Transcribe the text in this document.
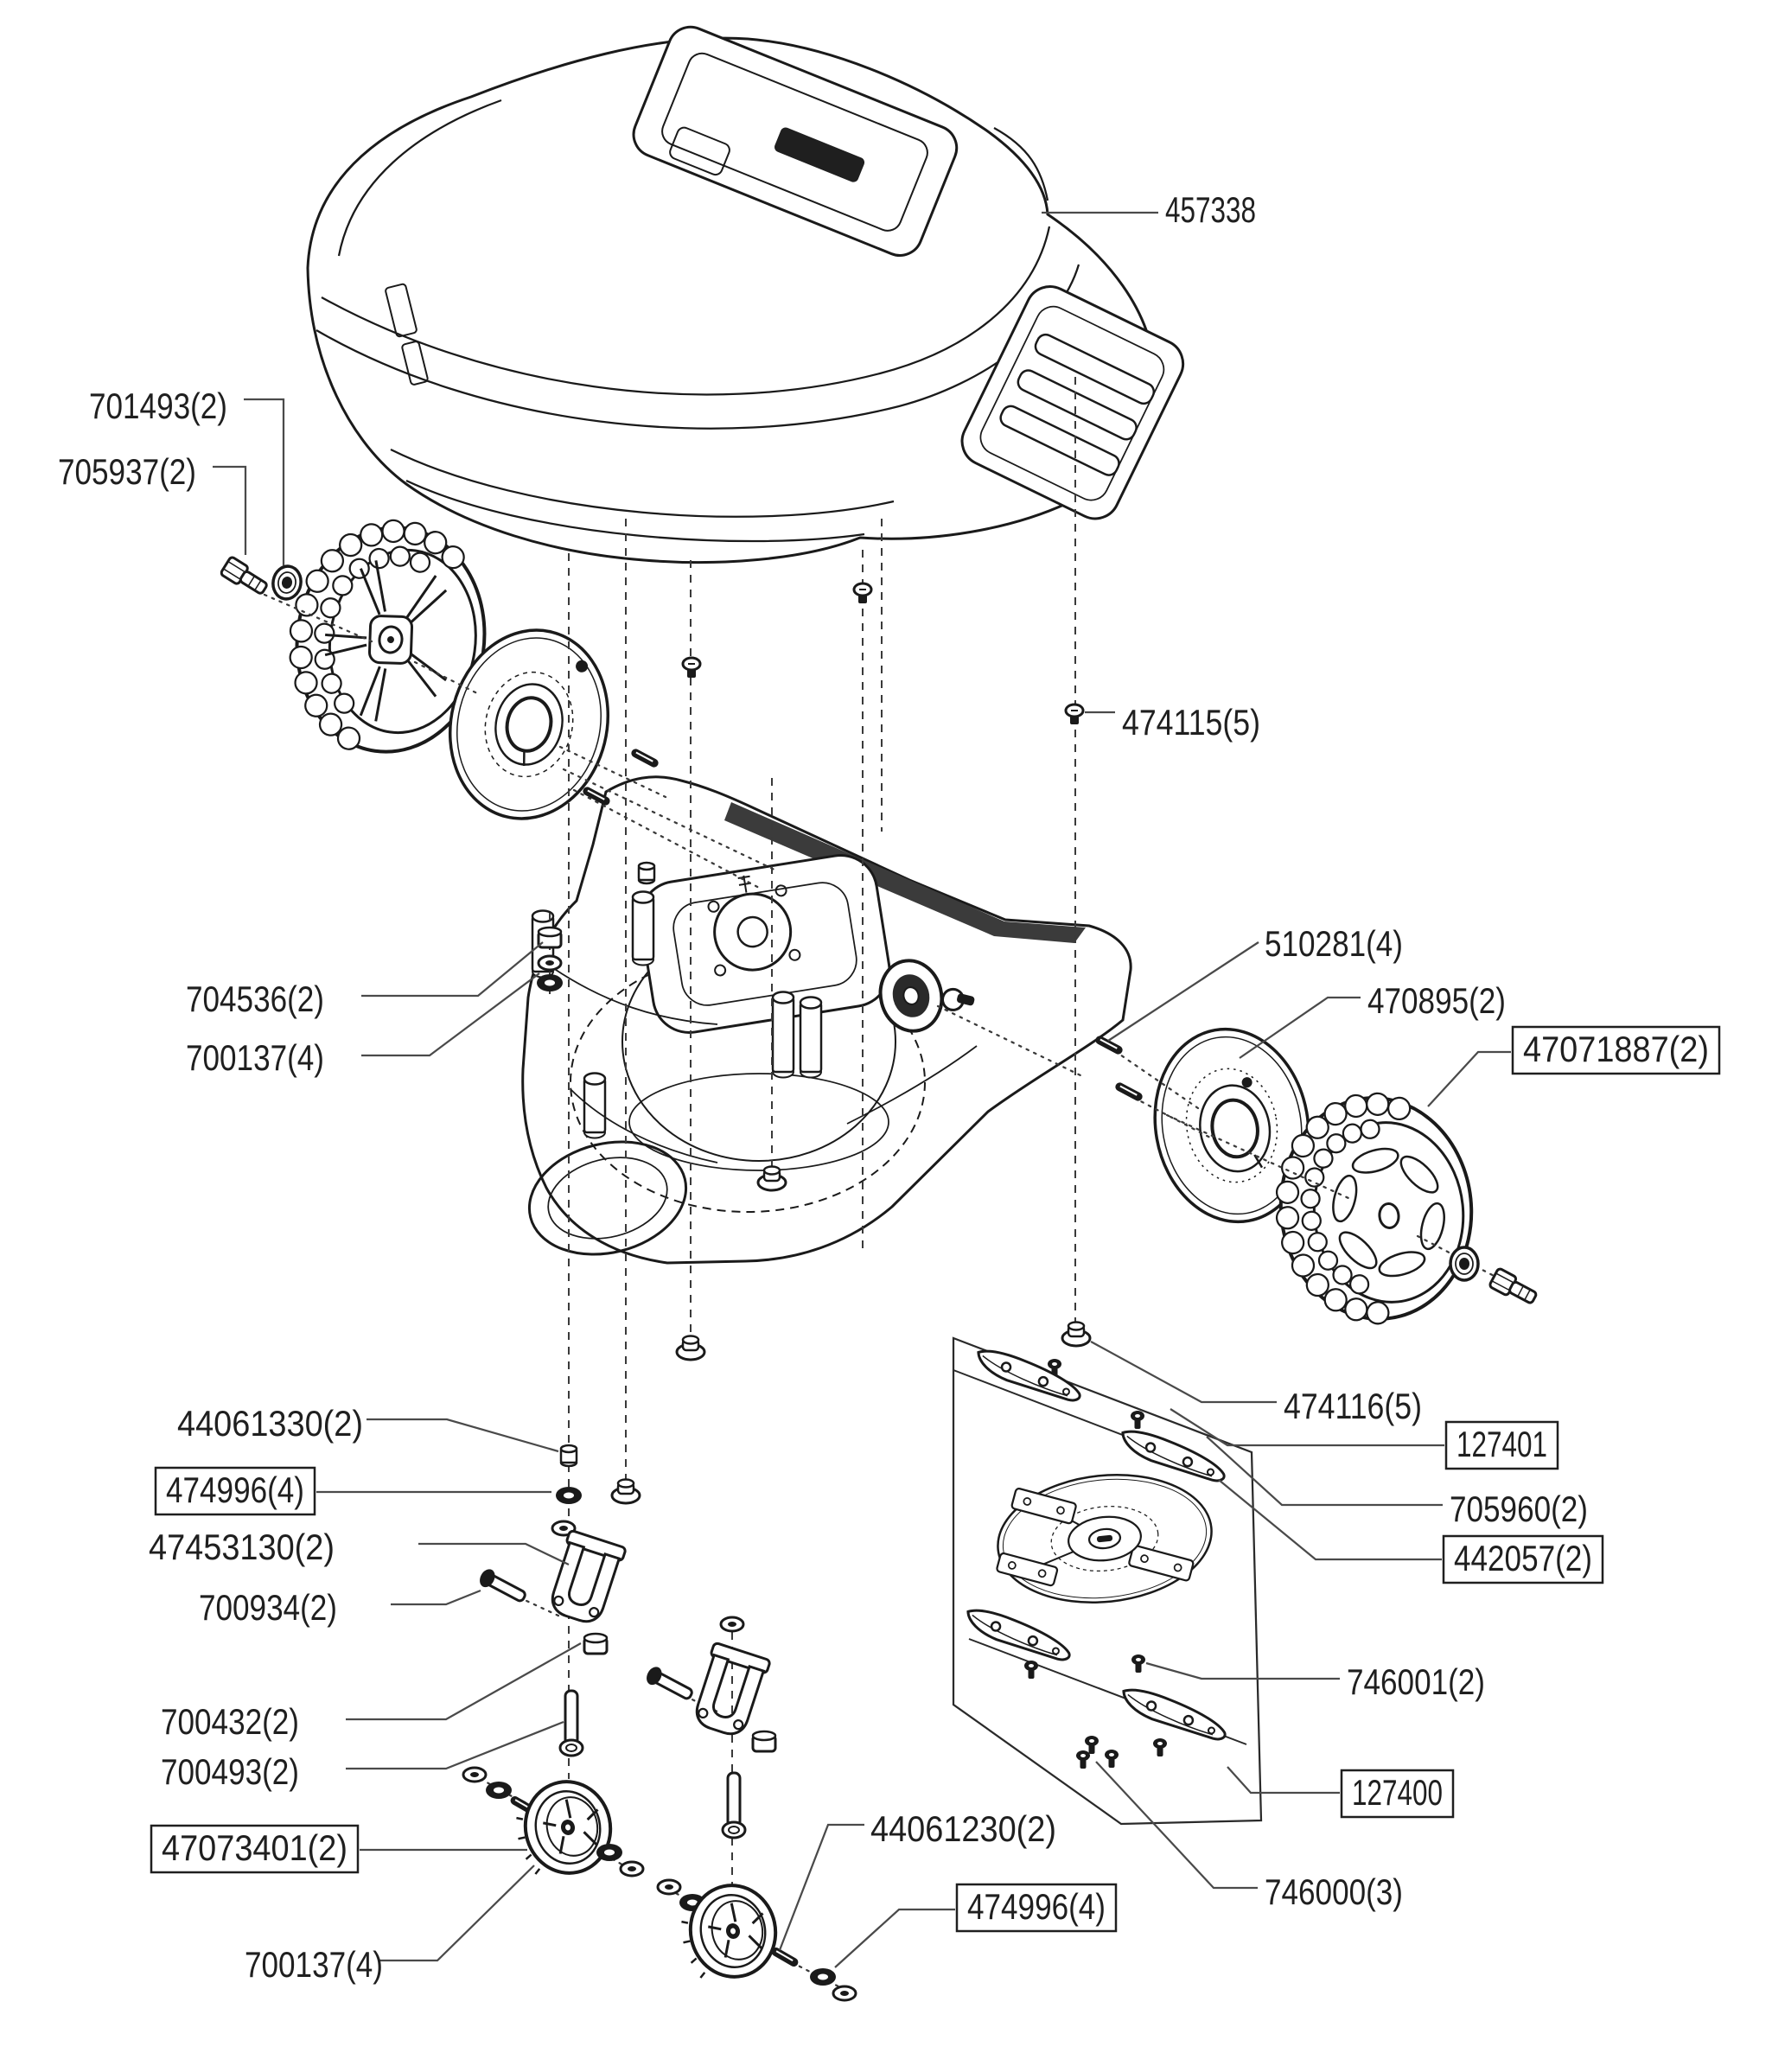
457338
701493(2)
705937(2)
474115(5)
510281(4)
470895(2)
47071887(2)
704536(2)
700137(4)
44061330(2)
474996(4)
47453130(2)
700934(2)
700432(2)
700493(2)
47073401(2)
700137(4)
44061230(2)
474996(4)
474116(5)
127401
705960(2)
442057(2)
746001(2)
127400
746000(3)
